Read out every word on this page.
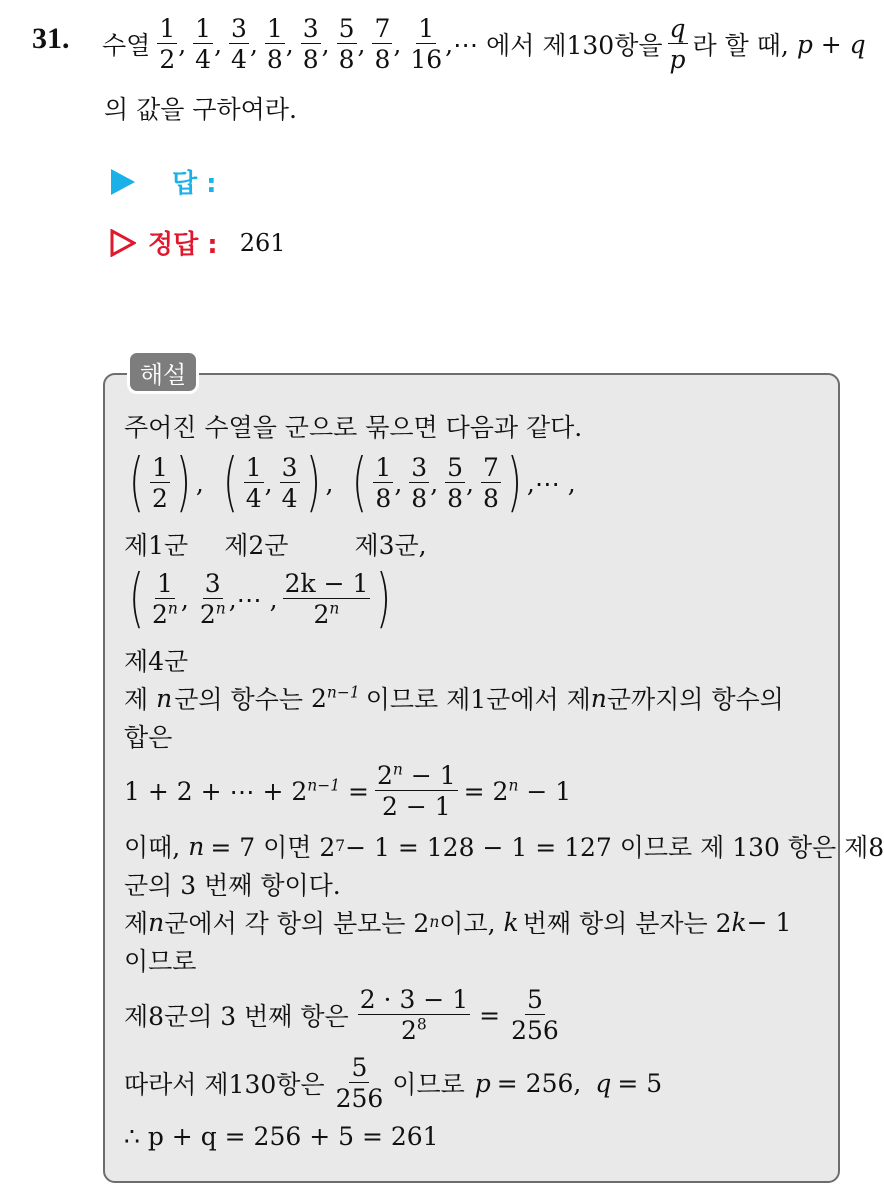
31. 수열 $\frac{1}{2}$ , $\frac{1}{4}$ , $\frac{3}{4}$ , $\frac{1}{8}$ , $\frac{3}{8}$ , $\frac{5}{8}$ , $\frac{7}{8}$ , $\frac{1}{16}$ ,⋯ 에서 제130항을 $\frac{q}{p}$ 라 할 때, p + q
의 값을 구하여라.
답 :
정답 : 261
해설
주어진 수열을 군으로 묶으면 다음과 같다.
( $\frac{1}{2}$ ) , ( $\frac{1}{4}$ , $\frac{3}{4}$ ) , ( $\frac{1}{8}$ , $\frac{3}{8}$ , $\frac{5}{8}$ , $\frac{7}{8}$ ) ,⋯ ,
제1군 제2군	제3군,
( $\frac{1}{2^n}$ , $\frac{3}{2^n}$ , ⋯ , $\frac{2k - 1}{2^n}$ )
제4군
제 n 군의 항수는 $2^{n-1}$ 이므로 제1군에서 제 n 군까지의 항수의
합은
1 + 2 + ⋯ + $2^{n-1} = \frac{2^n - 1}{2 - 1} = 2^n - 1$
이때, n = 7 이면 2 7 − 1 = 128 − 1 = 127 이므로 제 130 항은 제8
군의 3 번째 항이다.
제 n 군에서 각 항의 분모는 2 n 이고, k 번째 항의 분자는 2 k − 1
이므로
제8군의 3 번째 항은 $\frac{2 \cdot 3 - 1}{2^8} = \frac{5}{256}$
따라서 제130항은 $\frac{5}{256}$ 이므로 p = 256, q = 5
∴ p + q = 256 + 5 = 261
